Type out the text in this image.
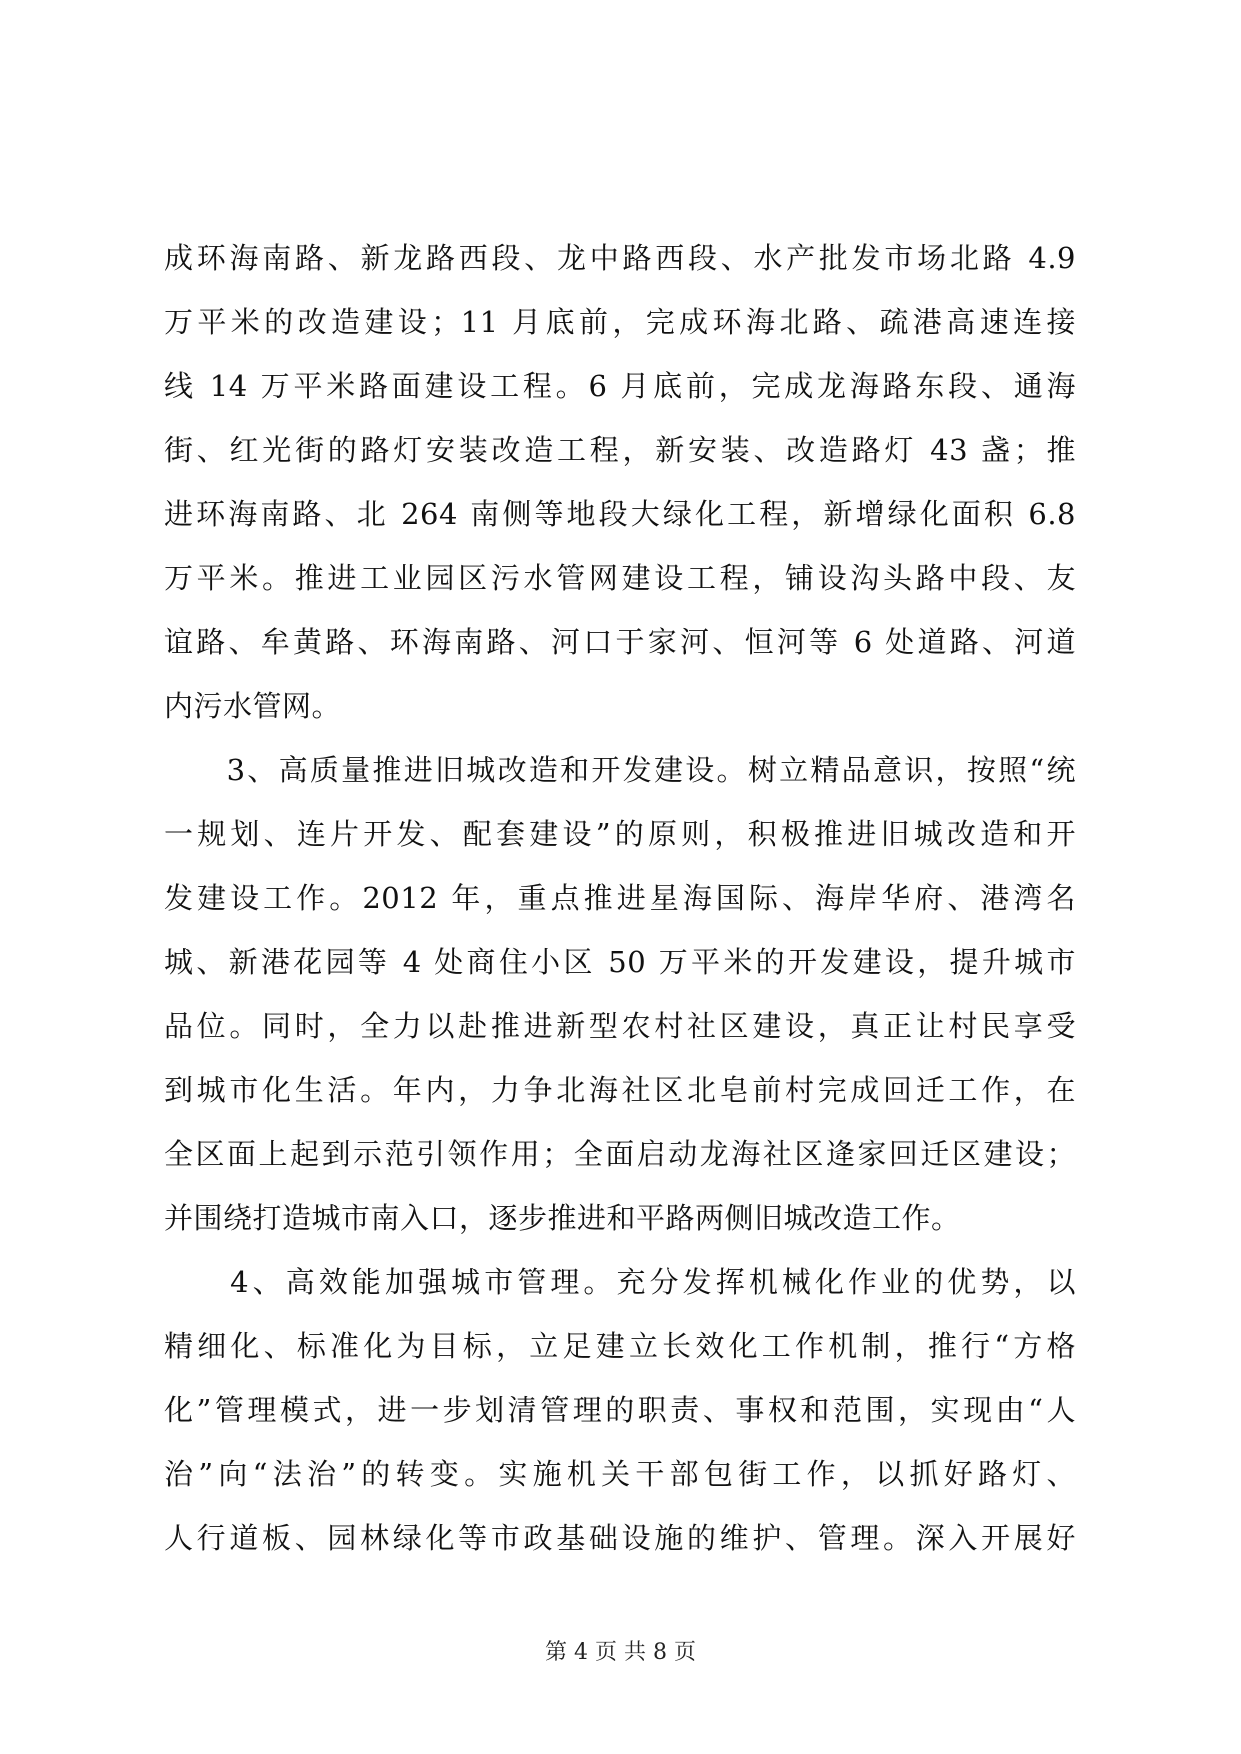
成环海南路、新龙路西段、龙中路西段、水产批发市场北路 4.9
万平米的改造建设；11 月底前，完成环海北路、疏港高速连接
线 14 万平米路面建设工程。6 月底前，完成龙海路东段、通海
街、红光街的路灯安装改造工程，新安装、改造路灯 43 盏；推
进环海南路、北 264 南侧等地段大绿化工程，新增绿化面积 6.8
万平米。推进工业园区污水管网建设工程，铺设沟头路中段、友
谊路、牟黄路、环海南路、河口于家河、恒河等 6 处道路、河道
内污水管网。
　　3、高质量推进旧城改造和开发建设。树立精品意识，按照“统
一规划、连片开发、配套建设”的原则，积极推进旧城改造和开
发建设工作。2012 年，重点推进星海国际、海岸华府、港湾名
城、新港花园等 4 处商住小区 50 万平米的开发建设，提升城市
品位。同时，全力以赴推进新型农村社区建设，真正让村民享受
到城市化生活。年内，力争北海社区北皂前村完成回迁工作，在
全区面上起到示范引领作用；全面启动龙海社区逄家回迁区建设；
并围绕打造城市南入口，逐步推进和平路两侧旧城改造工作。
　　4、高效能加强城市管理。充分发挥机械化作业的优势，以
精细化、标准化为目标，立足建立长效化工作机制，推行“方格
化”管理模式，进一步划清管理的职责、事权和范围，实现由“人
治”向“法治”的转变。实施机关干部包街工作，以抓好路灯、
人行道板、园林绿化等市政基础设施的维护、管理。深入开展好
第 4 页 共 8 页
